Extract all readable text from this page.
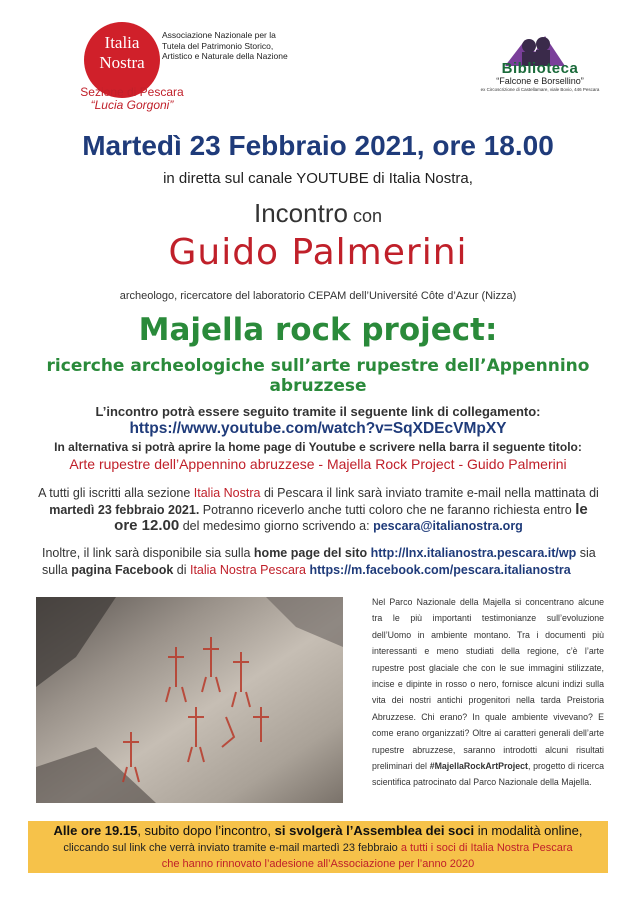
Italia
Nostra
Sezione di Pescara
“Lucia Gorgoni”
Associazione Nazionale per la
Tutela del Patrimonio Storico,
Artistico e Naturale della Nazione
Biblioteca
“Falcone e Borsellino”
ex Circoscrizione di Castellamare, viale Bovio, 446 Pescara
Martedì 23 Febbraio 2021, ore 18.00
in diretta sul canale YOUTUBE di Italia Nostra,
Incontro con
Guido Palmerini
archeologo, ricercatore del laboratorio CEPAM dell’Université Côte d’Azur (Nizza)
Majella rock project:
ricerche archeologiche sull’arte rupestre dell’Appennino abruzzese
L’incontro potrà essere seguito tramite il seguente link di collegamento:
https://www.youtube.com/watch?v=SqXDEcVMpXY
In alternativa si potrà aprire la home page di Youtube e scrivere nella barra il seguente titolo:
Arte rupestre dell’Appennino abruzzese - Majella Rock Project - Guido Palmerini
A tutti gli iscritti alla sezione Italia Nostra di Pescara il link sarà inviato tramite e-mail nella mattinata di martedì 23 febbraio 2021. Potranno riceverlo anche tutti coloro che ne faranno richiesta entro le ore 12.00 del medesimo giorno scrivendo a: pescara@italianostra.org
Inoltre, il link sarà disponibile sia sulla home page del sito http://lnx.italianostra.pescara.it/wp sia sulla pagina Facebook di Italia Nostra Pescara https://m.facebook.com/pescara.italianostra
Nel Parco Nazionale della Majella si concentrano alcune tra le più importanti testimonianze sull’evoluzione dell’Uomo in ambiente montano. Tra i documenti più interessanti e meno studiati della regione, c’è l’arte rupestre post glaciale che con le sue immagini stilizzate, incise e dipinte in rosso o nero, fornisce alcuni indizi sulla vita dei nostri antichi progenitori nella tarda Preistoria Abruzzese. Chi erano? In quale ambiente vivevano? E come erano organizzati? Oltre ai caratteri generali dell’arte rupestre abruzzese, saranno introdotti alcuni risultati preliminari del #MajellaRockArtProject, progetto di ricerca scientifica patrocinato dal Parco Nazionale della Majella.
Alle ore 19.15, subito dopo l’incontro, si svolgerà l’Assemblea dei soci in modalità online,
cliccando sul link che verrà inviato tramite e-mail martedì 23 febbraio a tutti i soci di Italia Nostra Pescara
che hanno rinnovato l’adesione all’Associazione per l’anno 2020
